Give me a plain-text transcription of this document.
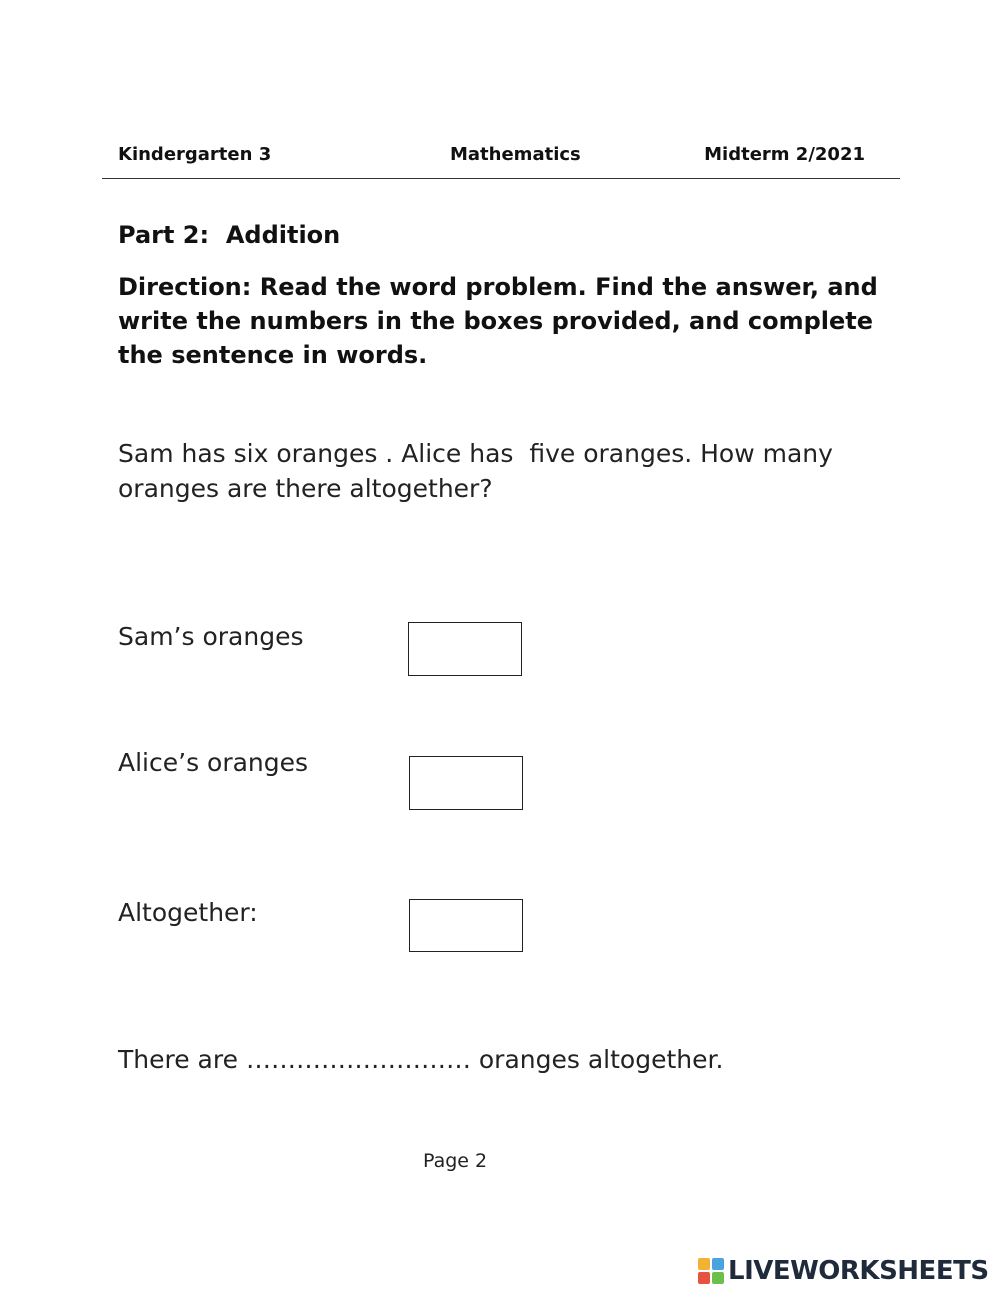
Kindergarten 3	Mathematics	Midterm 2/2021
Part 2:  Addition
Direction: Read the word problem. Find the answer, and write the numbers in the boxes provided, and complete the sentence in words.
Sam has six oranges . Alice has  five oranges. How many oranges are there altogether?
Sam’s oranges
Alice’s oranges
Altogether:
There are ……………………… oranges altogether.
Page 2
LIVEWORKSHEETS
